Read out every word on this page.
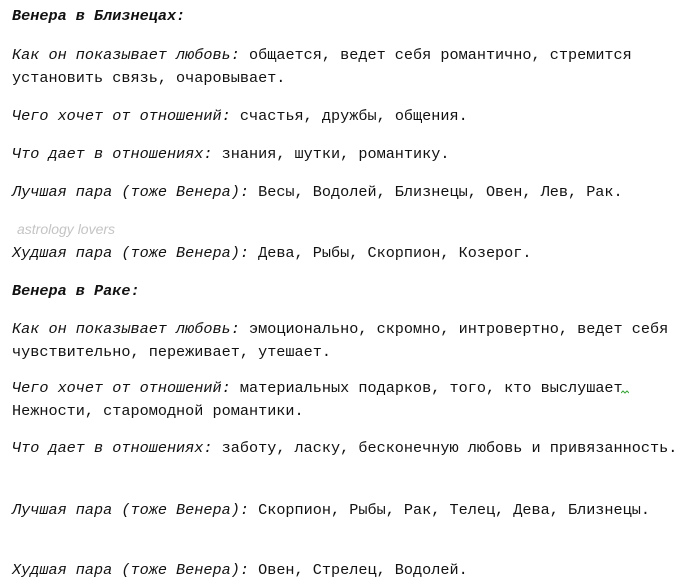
Венера в Близнецах:
Как он показывает любовь: общается, ведет себя романтично, стремится установить связь, очаровывает.
Чего хочет от отношений: счастья, дружбы, общения.
Что дает в отношениях: знания, шутки, романтику.
Лучшая пара (тоже Венера): Весы, Водолей, Близнецы, Овен, Лев, Рак.
astrology lovers
Худшая пара (тоже Венера): Дева, Рыбы, Скорпион, Козерог.
Венера в Раке:
Как он показывает любовь: эмоционально, скромно, интровертно, ведет себя чувствительно, переживает, утешает.
Чего хочет от отношений: материальных подарков, того, кто выслушает Нежности, старомодной романтики.
Что дает в отношениях: заботу, ласку, бесконечную любовь и привязанность.
Лучшая пара (тоже Венера): Скорпион, Рыбы, Рак, Телец, Дева, Близнецы.
Худшая пара (тоже Венера): Овен, Стрелец, Водолей.
